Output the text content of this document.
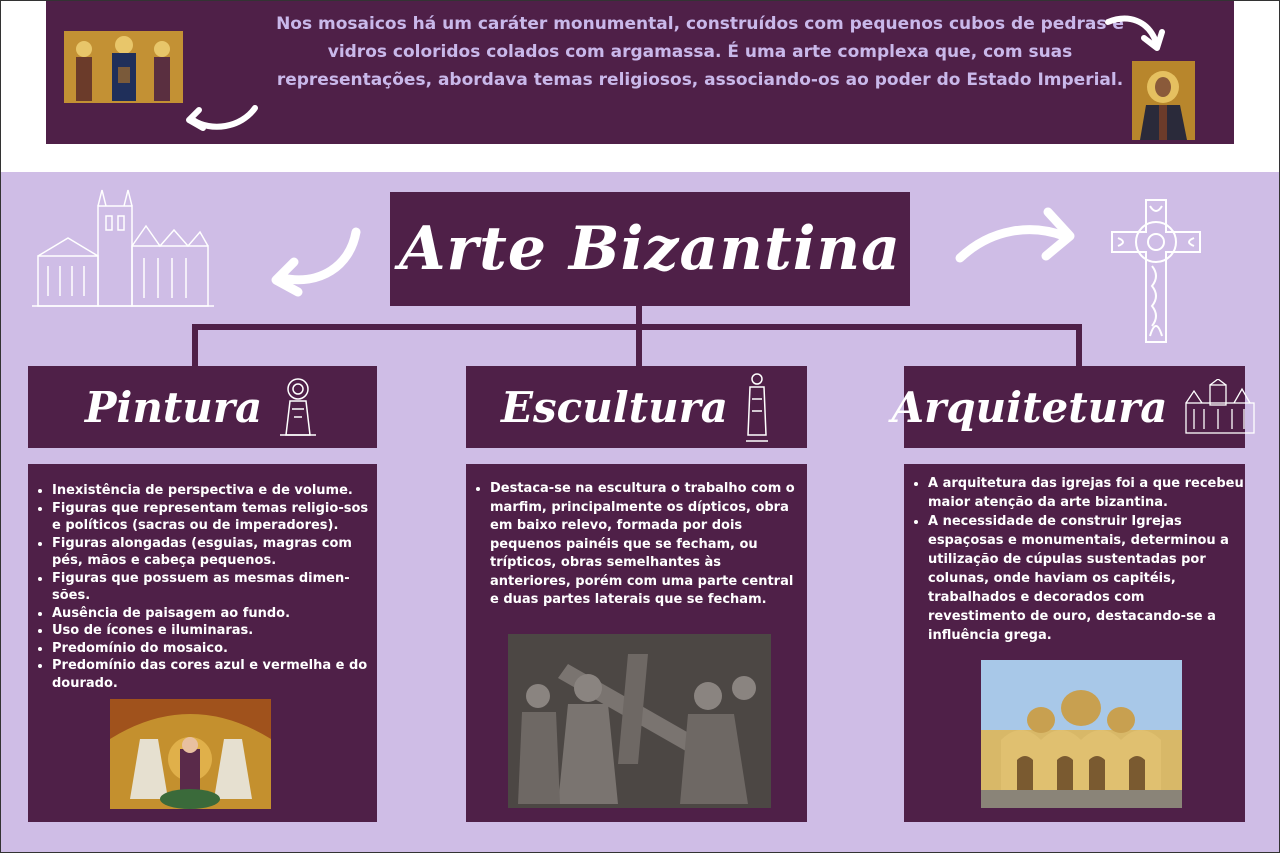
Nos mosaicos há um caráter monumental, construídos com pequenos cubos de pedras e vidros coloridos colados com argamassa. É uma arte complexa que, com suas representações, abordava temas religiosos, associando-os ao poder do Estado Imperial.
Arte Bizantina
Pintura	Escultura	Arquitetura
• Inexistência de perspectiva e de volume.
• Figuras que representam temas religio-sos e políticos (sacras ou de imperadores).
• Figuras alongadas (esguias, magras com pés, mãos e cabeça pequenos.
• Figuras que possuem as mesmas dimen-sões.
• Ausência de paisagem ao fundo.
• Uso de ícones e iluminaras.
• Predomínio do mosaico.
• Predomínio das cores azul e vermelha e do dourado.
• Destaca-se na escultura o trabalho com o marfim, principalmente os dípticos, obra em baixo relevo, formada por dois pequenos painéis que se fecham, ou trípticos, obras semelhantes às anteriores, porém com uma parte central e duas partes laterais que se fecham.
• A arquitetura das igrejas foi a que recebeu maior atenção da arte bizantina.
• A necessidade de construir Igrejas espaçosas e monumentais, determinou a utilização de cúpulas sustentadas por colunas, onde haviam os capitéis, trabalhados e decorados com revestimento de ouro, destacando-se a influência grega.
